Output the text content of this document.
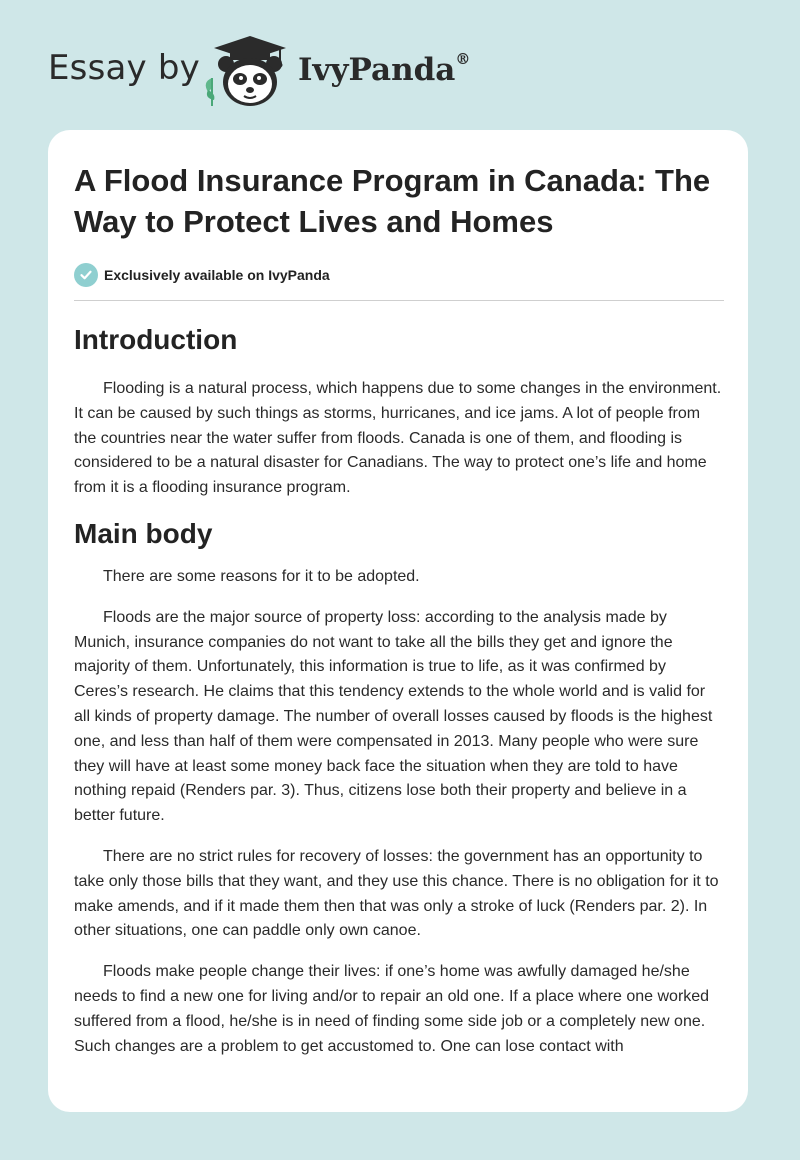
Essay by	IvyPanda®
A Flood Insurance Program in Canada: The Way to Protect Lives and Homes
Exclusively available on IvyPanda
Introduction

Flooding is a natural process, which happens due to some changes in the environment. It can be caused by such things as storms, hurricanes, and ice jams. A lot of people from the countries near the water suffer from floods. Canada is one of them, and flooding is considered to be a natural disaster for Canadians. The way to protect one’s life and home from it is a flooding insurance program.

Main body

There are some reasons for it to be adopted.

Floods are the major source of property loss: according to the analysis made by Munich, insurance companies do not want to take all the bills they get and ignore the majority of them. Unfortunately, this information is true to life, as it was confirmed by Ceres’s research. He claims that this tendency extends to the whole world and is valid for all kinds of property damage. The number of overall losses caused by floods is the highest one, and less than half of them were compensated in 2013. Many people who were sure they will have at least some money back face the situation when they are told to have nothing repaid (Renders par. 3). Thus, citizens lose both their property and believe in a better future.

There are no strict rules for recovery of losses: the government has an opportunity to take only those bills that they want, and they use this chance. There is no obligation for it to make amends, and if it made them then that was only a stroke of luck (Renders par. 2). In other situations, one can paddle only own canoe.

Floods make people change their lives: if one’s home was awfully damaged he/she needs to find a new one for living and/or to repair an old one. If a place where one worked suffered from a flood, he/she is in need of finding some side job or a completely new one. Such changes are a problem to get accustomed to. One can lose contact with
